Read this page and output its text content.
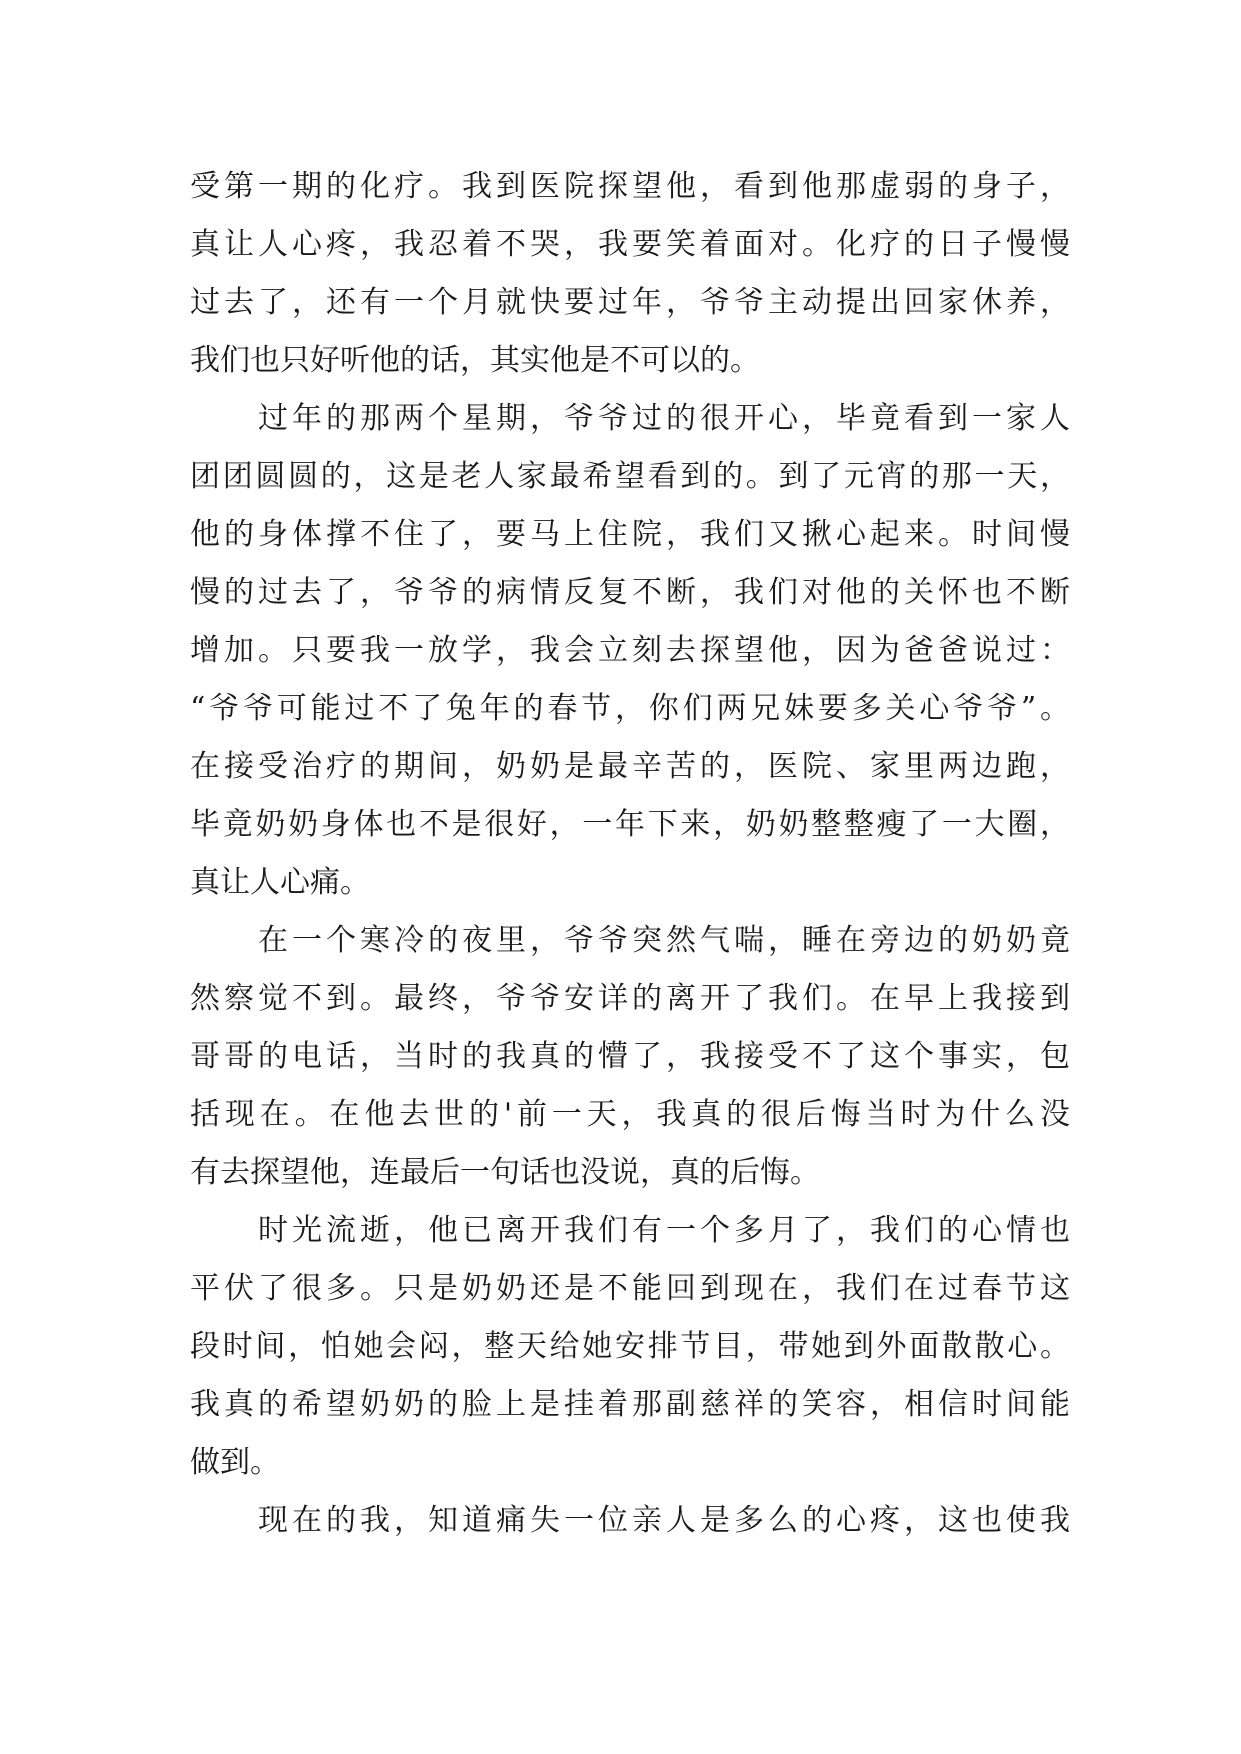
受第一期的化疗。我到医院探望他，看到他那虚弱的身子，
真让人心疼，我忍着不哭，我要笑着面对。化疗的日子慢慢
过去了，还有一个月就快要过年，爷爷主动提出回家休养，
我们也只好听他的话，其实他是不可以的。
过年的那两个星期，爷爷过的很开心，毕竟看到一家人
团团圆圆的，这是老人家最希望看到的。到了元宵的那一天，
他的身体撑不住了，要马上住院，我们又揪心起来。时间慢
慢的过去了，爷爷的病情反复不断，我们对他的关怀也不断
增加。只要我一放学，我会立刻去探望他，因为爸爸说过：
“爷爷可能过不了兔年的春节，你们两兄妹要多关心爷爷”。
在接受治疗的期间，奶奶是最辛苦的，医院、家里两边跑，
毕竟奶奶身体也不是很好，一年下来，奶奶整整瘦了一大圈，
真让人心痛。
在一个寒冷的夜里，爷爷突然气喘，睡在旁边的奶奶竟
然察觉不到。最终，爷爷安详的离开了我们。在早上我接到
哥哥的电话，当时的我真的懵了，我接受不了这个事实，包
括现在。在他去世的'前一天，我真的很后悔当时为什么没
有去探望他，连最后一句话也没说，真的后悔。
时光流逝，他已离开我们有一个多月了，我们的心情也
平伏了很多。只是奶奶还是不能回到现在，我们在过春节这
段时间，怕她会闷，整天给她安排节目，带她到外面散散心。
我真的希望奶奶的脸上是挂着那副慈祥的笑容，相信时间能
做到。
现在的我，知道痛失一位亲人是多么的心疼，这也使我
